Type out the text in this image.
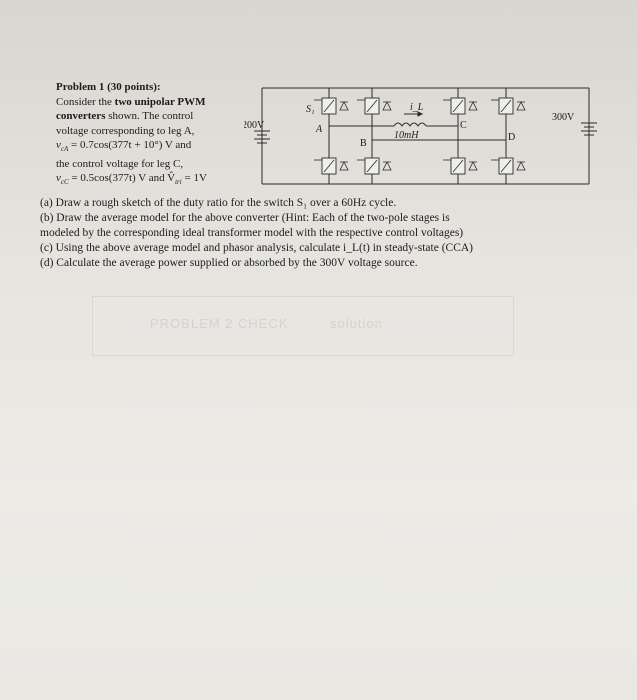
Problem 1 (30 points):
Consider the two unipolar PWM
converters shown. The control
voltage corresponding to leg A,
$v_{cA} = 0.7\cos(377t + 10^\circ)$ V and
the control voltage for leg C,
$v_{cC} = 0.5\cos(377t)$ V and $V̂_{tri} = 1V$
200V
300V
10mH
i_L
S₁
A
B
C
D

(a) Draw a rough sketch of the duty ratio for the switch S₁ over a 60Hz cycle.

(b) Draw the average model for the above converter (Hint: Each of the two-pole stages is

modeled by the corresponding ideal transformer model with the respective control voltages)

(c) Using the above average model and phasor analysis, calculate i_L(t) in steady-state (CCA)

(d) Calculate the average power supplied or absorbed by the 300V voltage source.

PROBLEM 2 CHECK	solution
